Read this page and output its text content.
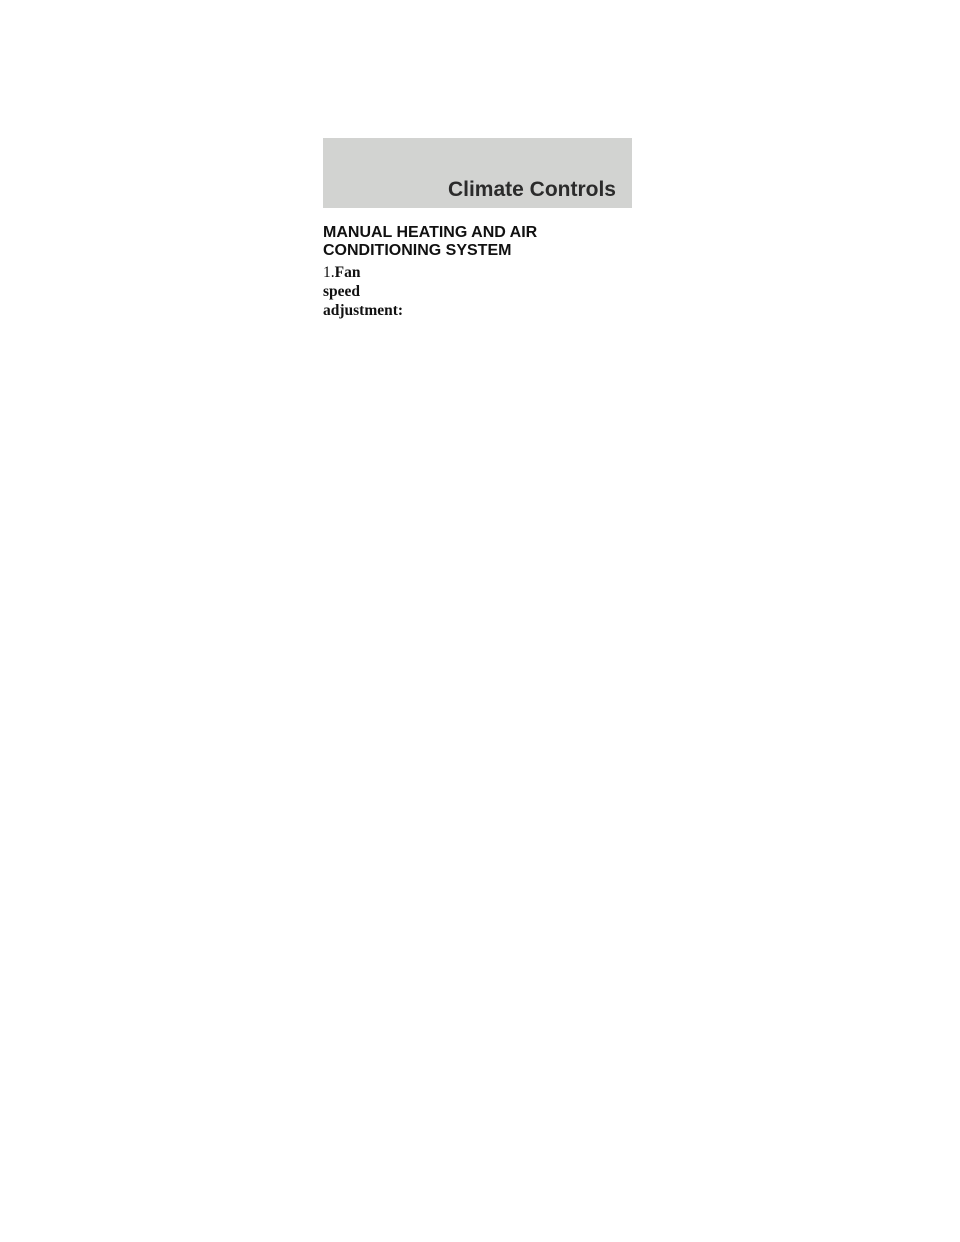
Climate Controls
MANUAL HEATING AND AIR CONDITIONING SYSTEM
1.Fan speed adjustment:
